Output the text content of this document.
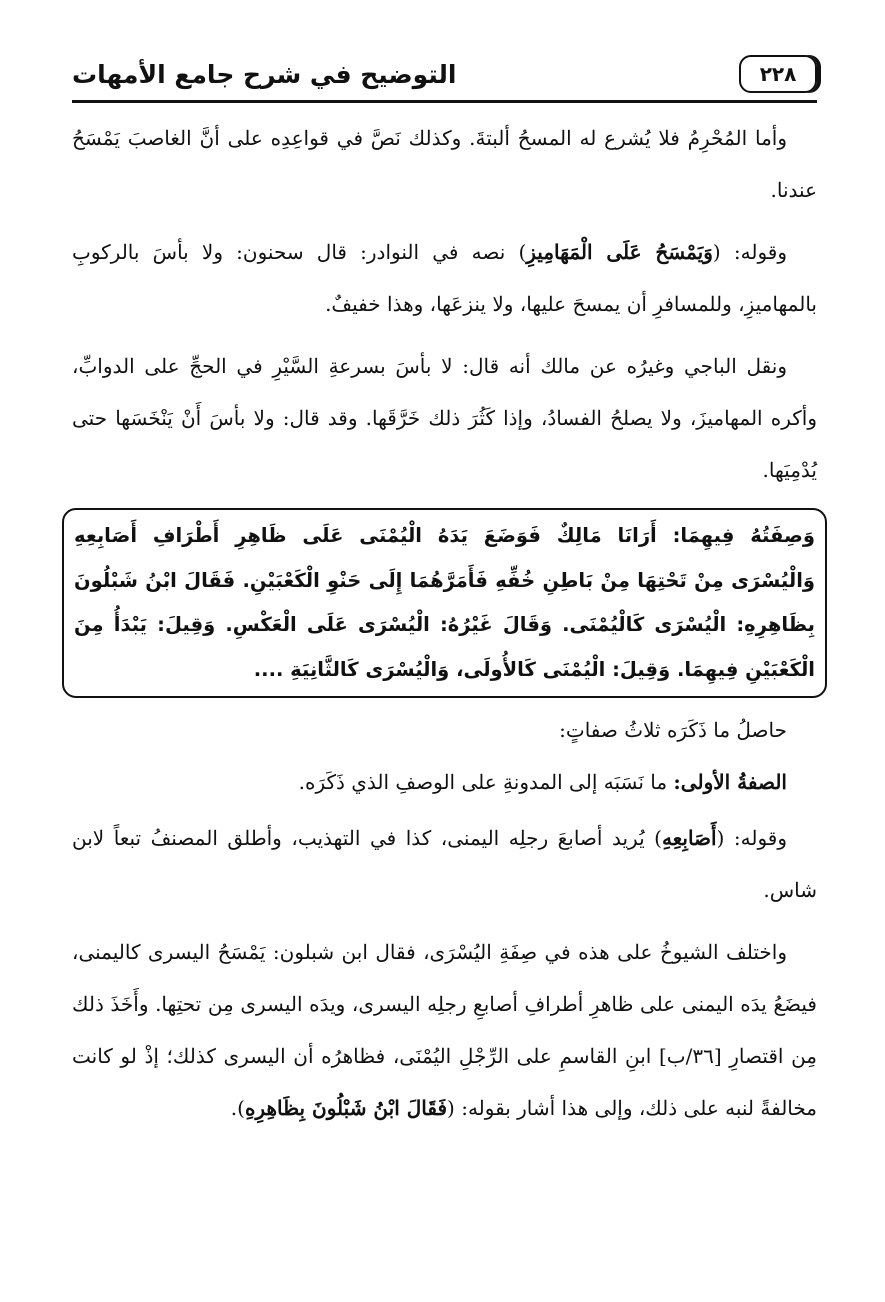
٢٢٨
التوضيح في شرح جامع الأمهات

وأما المُحْرِمُ فلا يُشرع له المسحُ ألبتةَ. وكذلك نَصَّ في قواعِدِه على أنَّ الغاصبَ يَمْسَحُ عندنا.

وقوله: (وَيَمْسَحُ عَلَى الْمَهَامِيزِ) نصه في النوادر: قال سحنون: ولا بأسَ بالركوبِ بالمهاميزِ، وللمسافرِ أن يمسحَ عليها، ولا ينزعَها، وهذا خفيفٌ.

ونقل الباجي وغيرُه عن مالك أنه قال: لا بأسَ بسرعةِ السَّيْرِ في الحجِّ على الدوابِّ، وأكره المهاميزَ، ولا يصلحُ الفسادُ، وإذا كَثُرَ ذلك خَرَّقَها. وقد قال: ولا بأسَ أَنْ يَنْخَسَها حتى يُدْمِيَها.

وَصِفَتُهُ فِيهِمَا: أَرَانَا مَالِكٌ فَوَضَعَ يَدَهُ الْيُمْنَى عَلَى ظَاهِرِ أَطْرَافِ أَصَابِعِهِ وَالْيُسْرَى مِنْ تَحْتِهَا مِنْ بَاطِنِ خُفِّهِ فَأَمَرَّهُمَا إِلَى حَنْوِ الْكَعْبَيْنِ. فَقَالَ ابْنُ شَبْلُونَ بِظَاهِرِهِ: الْيُسْرَى كَالْيُمْنَى. وَقَالَ غَيْرُهُ: الْيُسْرَى عَلَى الْعَكْسِ. وَقِيلَ: يَبْدَأُ مِنَ الْكَعْبَيْنِ فِيهِمَا. وَقِيلَ: الْيُمْنَى كَالأُولَى، وَالْيُسْرَى كَالثَّانِيَةِ ....

حاصلُ ما ذَكَرَه ثلاثُ صفاتٍ:

الصفةُ الأولى: ما نَسَبَه إلى المدونةِ على الوصفِ الذي ذَكَرَه.

وقوله: (أَصَابِعِهِ) يُريد أصابعَ رجلِه اليمنى، كذا في التهذيب، وأطلق المصنفُ تبعاً لابن شاس.

واختلف الشيوخُ على هذه في صِفَةِ اليُسْرَى، فقال ابن شبلون: يَمْسَحُ اليسرى كاليمنى، فيضَعُ يدَه اليمنى على ظاهرِ أطرافِ أصابعِ رجلِه اليسرى، ويدَه اليسرى مِن تحتِها. وأَخَذَ ذلك مِن اقتصارِ [٣٦/ب] ابنِ القاسمِ على الرِّجْلِ اليُمْنَى، فظاهرُه أن اليسرى كذلك؛ إذْ لو كانت مخالفةً لنبه على ذلك، وإلى هذا أشار بقوله: (فَقَالَ ابْنُ شَبْلُونَ بِظَاهِرِهِ).
